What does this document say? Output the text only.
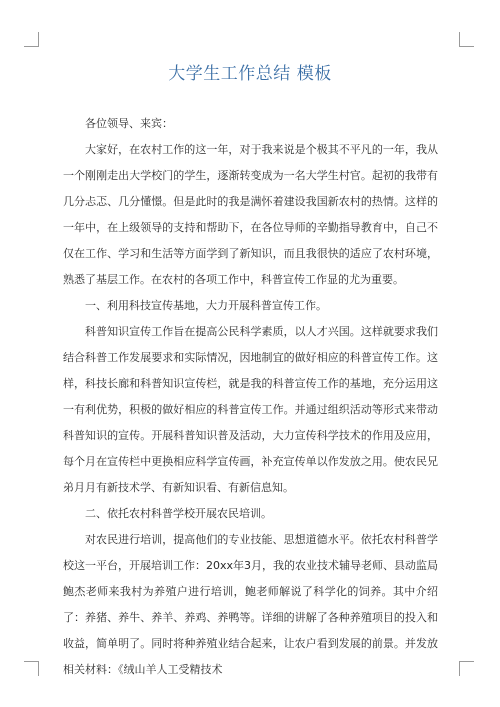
大学生工作总结 模板

各位领导、来宾：

大家好，在农村工作的这一年，对于我来说是个极其不平凡的一年，我从一个刚刚走出大学校门的学生，逐渐转变成为一名大学生村官。起初的我带有几分忐忑、几分懂憬。但是此时的我是满怀着建设我国新农村的热情。这样的一年中，在上级领导的支持和帮助下，在各位导师的辛勤指导教育中，自己不仅在工作、学习和生活等方面学到了新知识，而且我很快的适应了农村环境，熟悉了基层工作。在农村的各项工作中，科普宣传工作显的尤为重要。

一、利用科技宣传基地，大力开展科普宣传工作。

科普知识宣传工作旨在提高公民科学素质，以人才兴国。这样就要求我们结合科普工作发展要求和实际情况，因地制宜的做好相应的科普宣传工作。这样，科技长廊和科普知识宣传栏，就是我的科普宣传工作的基地，充分运用这一有利优势，积极的做好相应的科普宣传工作。并通过组织活动等形式来带动科普知识的宣传。开展科普知识普及活动，大力宣传科学技术的作用及应用，每个月在宣传栏中更换相应科学宣传画，补充宣传单以作发放之用。使农民兄弟月月有新技术学、有新知识看、有新信息知。

二、依托农村科普学校开展农民培训。

对农民进行培训，提高他们的专业技能、思想道德水平。依托农村科普学校这一平台，开展培训工作：20xx年3月，我的农业技术辅导老师、县动监局鲍杰老师来我村为养殖户进行培训，鲍老师解说了科学化的饲养。其中介绍了：养猪、养牛、养羊、养鸡、养鸭等。详细的讲解了各种养殖项目的投入和收益，简单明了。同时将种养殖业结合起来，让农户看到发展的前景。并发放相关材料：《绒山羊人工受精技术
